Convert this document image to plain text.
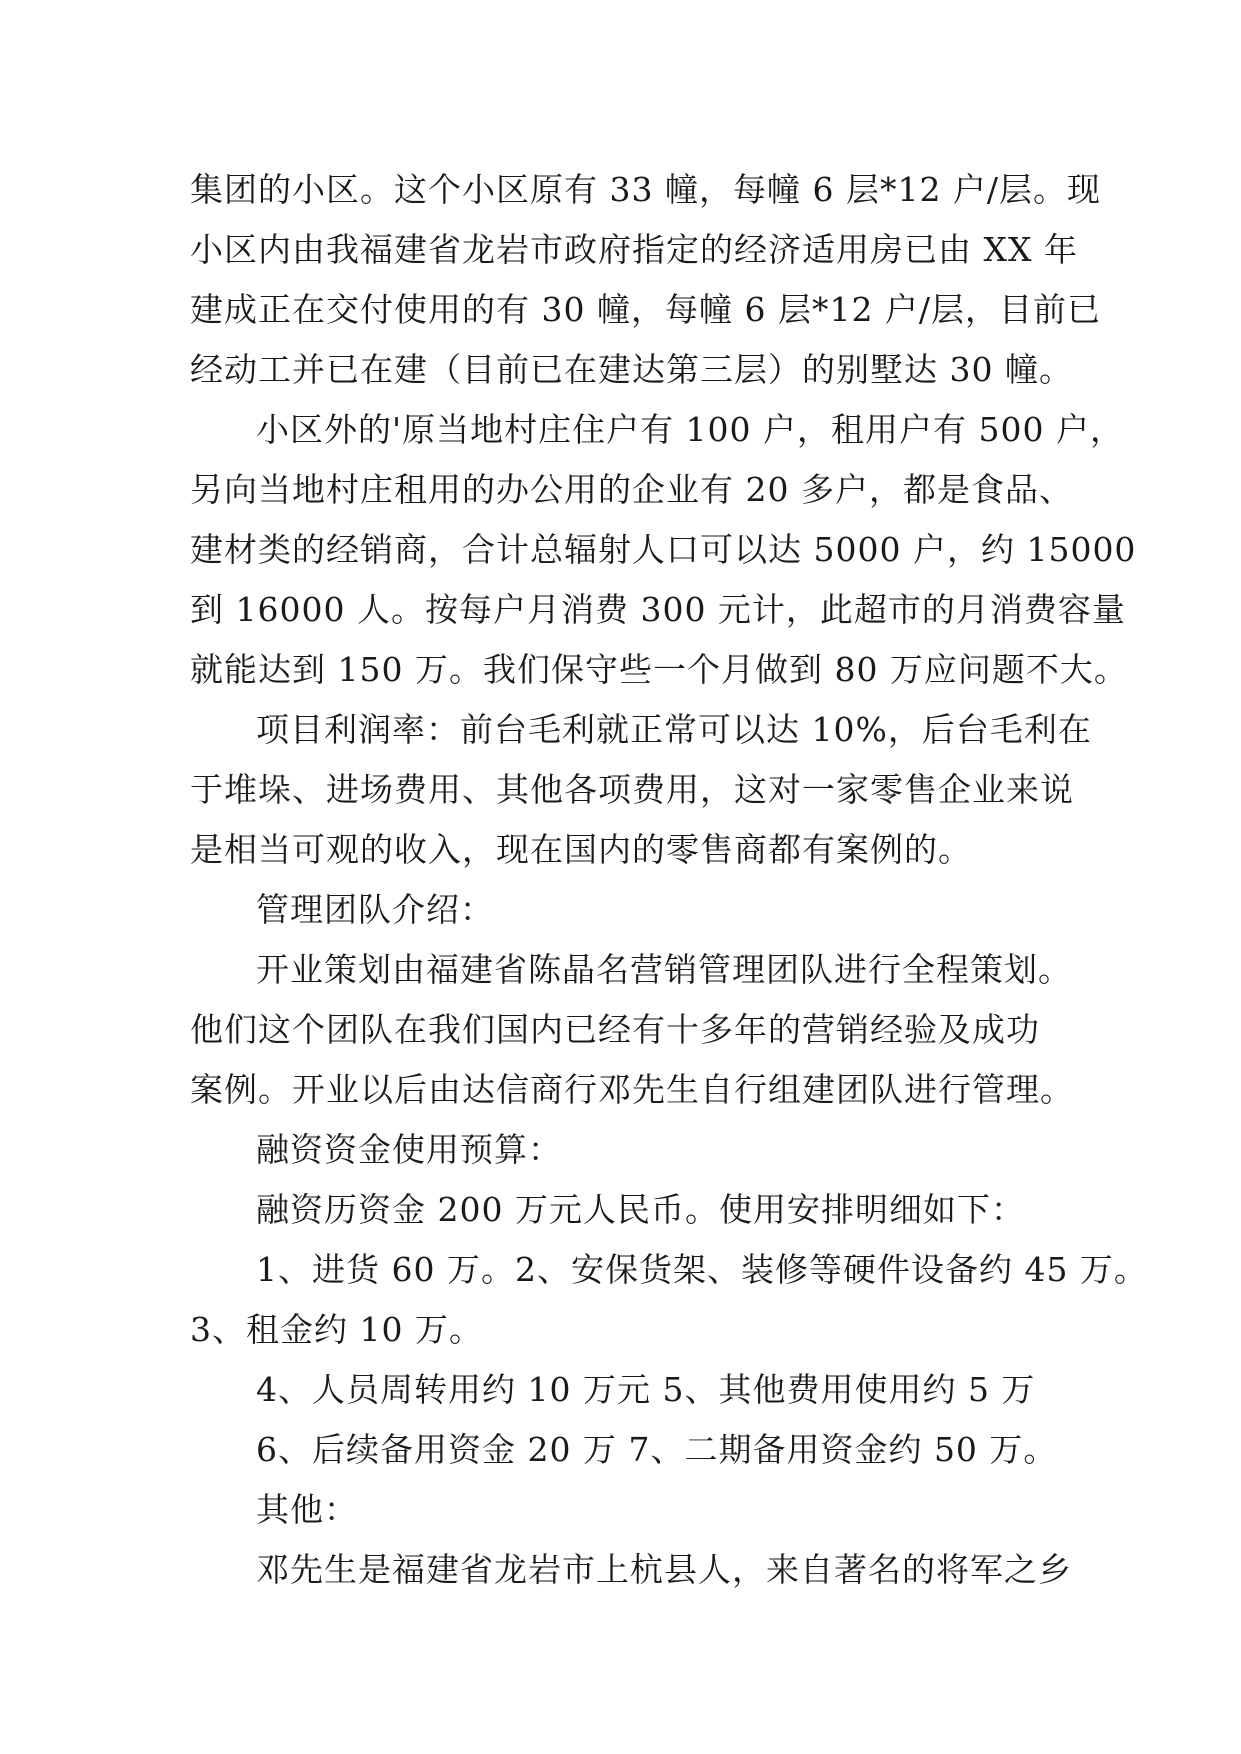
集团的小区。这个小区原有 33 幢，每幢 6 层*12 户/层。现
小区内由我福建省龙岩市政府指定的经济适用房已由 XX 年
建成正在交付使用的有 30 幢，每幢 6 层*12 户/层，目前已
经动工并已在建（目前已在建达第三层）的别墅达 30 幢。
小区外的'原当地村庄住户有 100 户，租用户有 500 户，
另向当地村庄租用的办公用的企业有 20 多户，都是食品、
建材类的经销商，合计总辐射人口可以达 5000 户，约 15000
到 16000 人。按每户月消费 300 元计，此超市的月消费容量
就能达到 150 万。我们保守些一个月做到 80 万应问题不大。
项目利润率：前台毛利就正常可以达 10%，后台毛利在
于堆垛、进场费用、其他各项费用，这对一家零售企业来说
是相当可观的收入，现在国内的零售商都有案例的。
管理团队介绍：
开业策划由福建省陈晶名营销管理团队进行全程策划。
他们这个团队在我们国内已经有十多年的营销经验及成功
案例。开业以后由达信商行邓先生自行组建团队进行管理。
融资资金使用预算：
融资历资金 200 万元人民币。使用安排明细如下：
1、进货 60 万。2、安保货架、装修等硬件设备约 45 万。
3、租金约 10 万。
4、人员周转用约 10 万元 5、其他费用使用约 5 万
6、后续备用资金 20 万 7、二期备用资金约 50 万。
其他：
邓先生是福建省龙岩市上杭县人，来自著名的将军之乡
